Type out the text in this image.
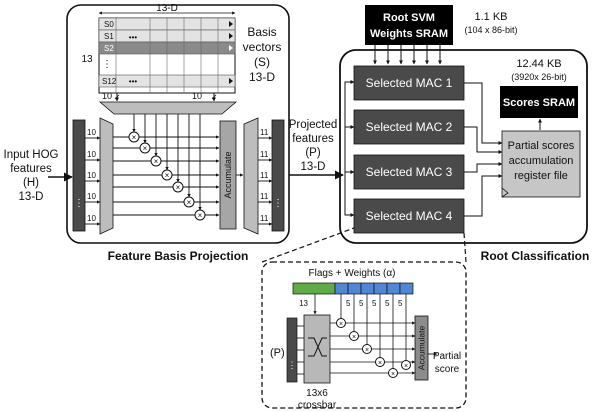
Input HOG
features
(H)
13-D
13-D
13
S0
S1
S2
S12
•••
•••
⋮
Basis
vectors
(S)
13-D
10	10
⋮
10
10
10
10
10
×
×
×
×
×
×
×
Accumulate
11
11
11
11
11
⋮
Feature Basis Projection
Projected
features
(P)
13-D
Root SVM
Weights SRAM
1.1 KB
(104 x 86-bit)
Selected MAC 1
Selected MAC 2
Selected MAC 3
Selected MAC 4
12.44 KB
(3920x 26-bit)
Scores SRAM
Partial scores
accumulation
register file
Root Classification
Flags + Weights (α)
13	5 5 5 5 5
(P)
⋮
13x6
crossbar
×
×
×
×
×
× Accumulate Partial
score
